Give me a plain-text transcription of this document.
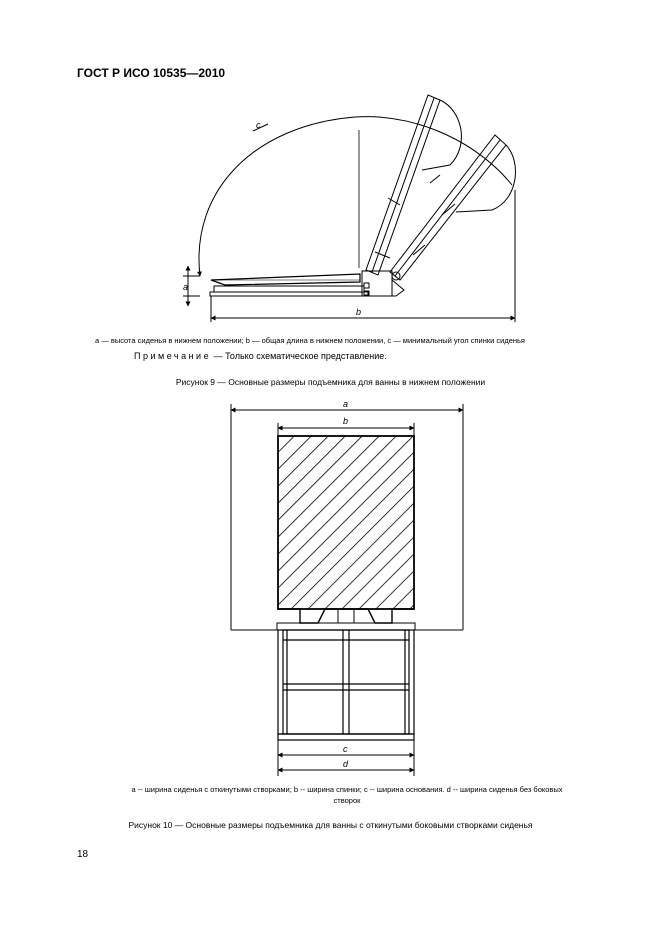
ГОСТ Р ИСО 10535—2010
c
a
b
a
b
c
d
a — высота сиденья в нижнем положении; b — общая длина в нижнем положении, c — минимальный угол спинки сиденья
Примечание — Только схематическое представление.
Рисунок 9 — Основные размеры подъемника для ванны в нижнем положении
a -- ширина сиденья с откинутыми створками; b -- ширина спинки; c -- ширина основания. d -- ширина сиденья без боковых
створок
Рисунок 10 — Основные размеры подъемника для ванны с откинутыми боковыми створками сиденья
18
